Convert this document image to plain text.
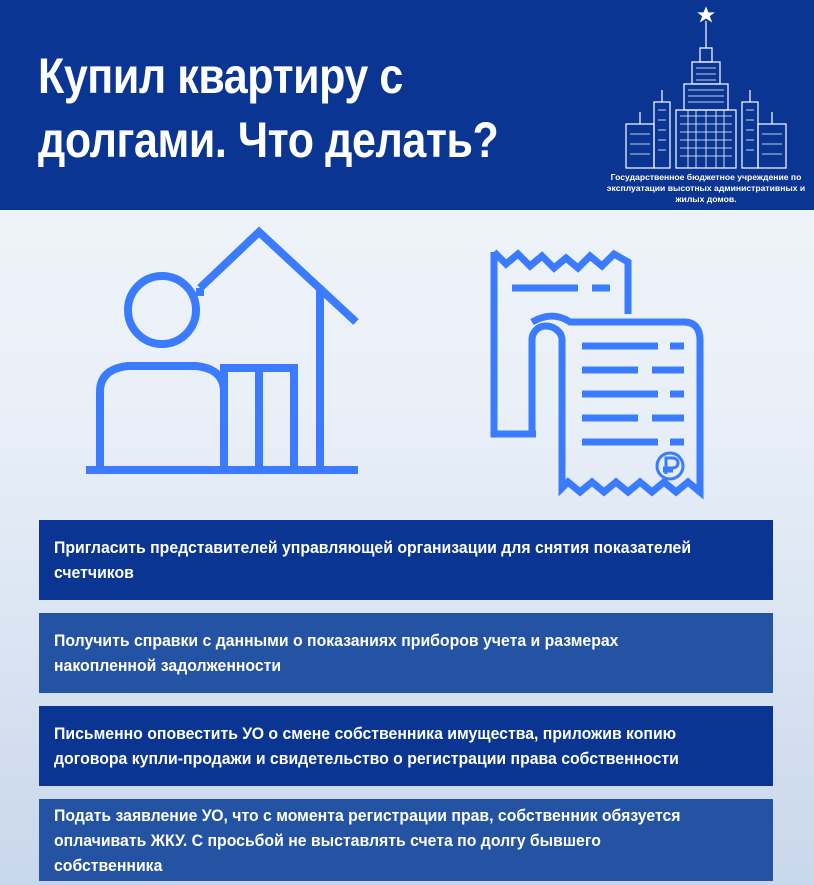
Купил квартиру с долгами. Что делать?
Государственное бюджетное учреждение по эксплуатации высотных административных и жилых домов.
Пригласить представителей управляющей организации для снятия показателей счетчиков
Получить справки с данными о показаниях приборов учета и размерах накопленной задолженности
Письменно оповестить УО о смене собственника имущества, приложив копию договора купли-продажи и свидетельство о регистрации права собственности
Подать заявление УО, что с момента регистрации прав, собственник обязуется оплачивать ЖКУ. С просьбой не выставлять счета по долгу бывшего собственника
